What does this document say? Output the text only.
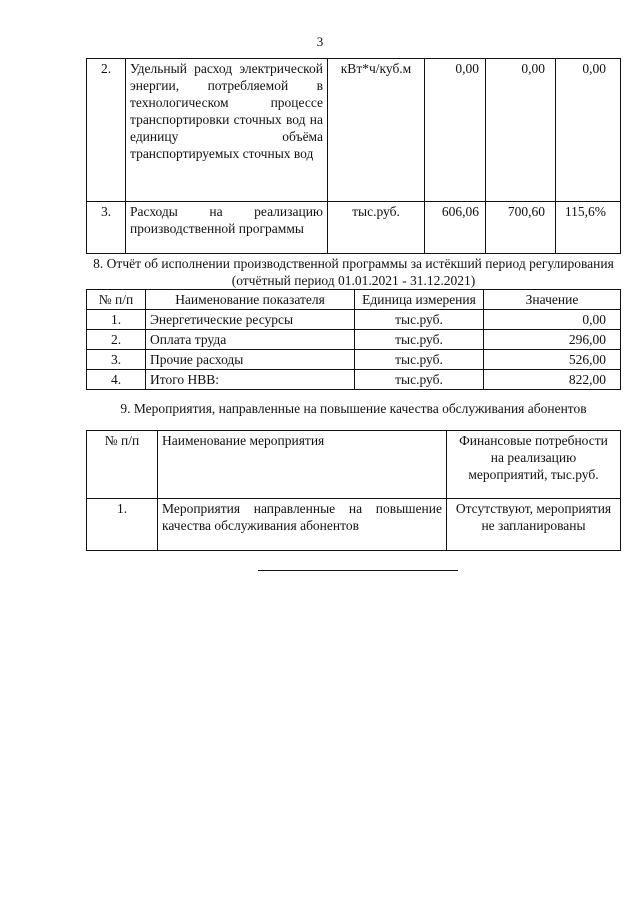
3
2.	Удельный расход электрической энергии, потребляемой в технологическом процессе транспортировки сточных вод на единицу объёма транспортируемых сточных вод	кВт*ч/куб.м	0,00	0,00	0,00
3.	Расходы на реализацию производственной программы	тыс.руб.	606,06	700,60	115,6%
8. Отчёт об исполнении производственной программы за истёкший период регулирования (отчётный период 01.01.2021 - 31.12.2021)
№ п/п	Наименование показателя	Единица измерения	Значение
1.	Энергетические ресурсы	тыс.руб.	0,00
2.	Оплата труда	тыс.руб.	296,00
3.	Прочие расходы	тыс.руб.	526,00
4.	Итого НВВ:	тыс.руб.	822,00
9. Мероприятия, направленные на повышение качества обслуживания абонентов
№ п/п	Наименование мероприятия	Финансовые потребности на реализацию мероприятий, тыс.руб.
1.	Мероприятия направленные на повышение качества обслуживания абонентов	Отсутствуют, мероприятия не запланированы
